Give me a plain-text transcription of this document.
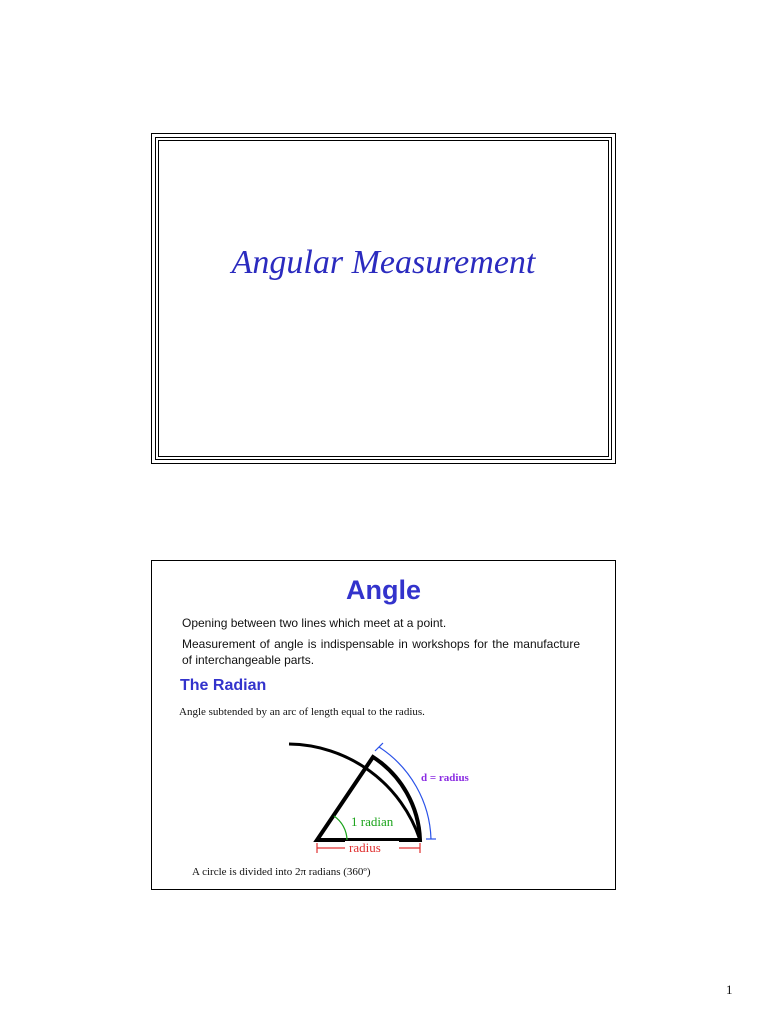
Angular Measurement
Angle
Opening between two lines which meet at a point.
Measurement of angle is indispensable in workshops for the manufacture of interchangeable parts.
The Radian
Angle subtended by an arc of length equal to the radius.
d = radius
1 radian
radius
A circle is divided into 2π radians (360º)
1
